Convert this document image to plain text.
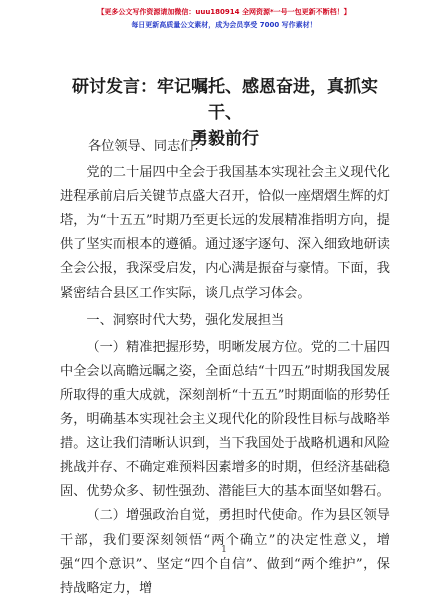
【更多公文写作资源请加微信：uuu180914 全网资源*一号一包更新不断档！】
每日更新高质量公文素材，成为会员享受 7000 写作素材！
研讨发言：牢记嘱托、感恩奋进，真抓实干、
勇毅前行

各位领导、同志们：

党的二十届四中全会于我国基本实现社会主义现代化进程承前启后关键节点盛大召开，恰似一座熠熠生辉的灯塔，为“十五五”时期乃至更长远的发展精准指明方向，提供了坚实而根本的遵循。通过逐字逐句、深入细致地研读全会公报，我深受启发，内心满是振奋与豪情。下面，我紧密结合县区工作实际，谈几点学习体会。

一、洞察时代大势，强化发展担当

（一）精准把握形势，明晰发展方位。党的二十届四中全会以高瞻远瞩之姿，全面总结“十四五”时期我国发展所取得的重大成就，深刻剖析“十五五”时期面临的形势任务，明确基本实现社会主义现代化的阶段性目标与战略举措。这让我们清晰认识到，当下我国处于战略机遇和风险挑战并存、不确定难预料因素增多的时期，但经济基础稳固、优势众多、韧性强劲、潜能巨大的基本面坚如磐石。

（二）增强政治自觉，勇担时代使命。作为县区领导干部，我们要深刻领悟“两个确立”的决定性意义，增强“四个意识”、坚定“四个自信”、做到“两个维护”，保持战略定力，增

1
